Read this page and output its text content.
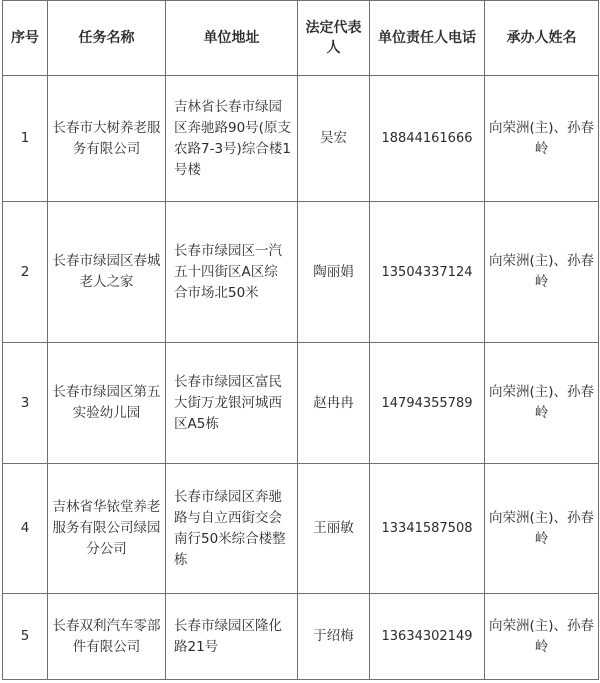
序号	任务名称	单位地址	法定代表人	单位责任人电话	承办人姓名
1	长春市大树养老服务有限公司	吉林省长春市绿园区奔驰路90号(原支农路7-3号)综合楼1号楼	吴宏	18844161666	向荣洲(主)、孙春岭
2	长春市绿园区春城老人之家	长春市绿园区一汽五十四街区A区综合市场北50米	陶丽娟	13504337124	向荣洲(主)、孙春岭
3	长春市绿园区第五实验幼儿园	长春市绿园区富民大街万龙银河城西区A5栋	赵冉冉	14794355789	向荣洲(主)、孙春岭
4	吉林省华铱堂养老服务有限公司绿园分公司	长春市绿园区奔驰路与自立西街交会南行50米综合楼整栋	王丽敏	13341587508	向荣洲(主)、孙春岭
5	长春双利汽车零部件有限公司	长春市绿园区隆化路21号	于绍梅	13634302149	向荣洲(主)、孙春岭
